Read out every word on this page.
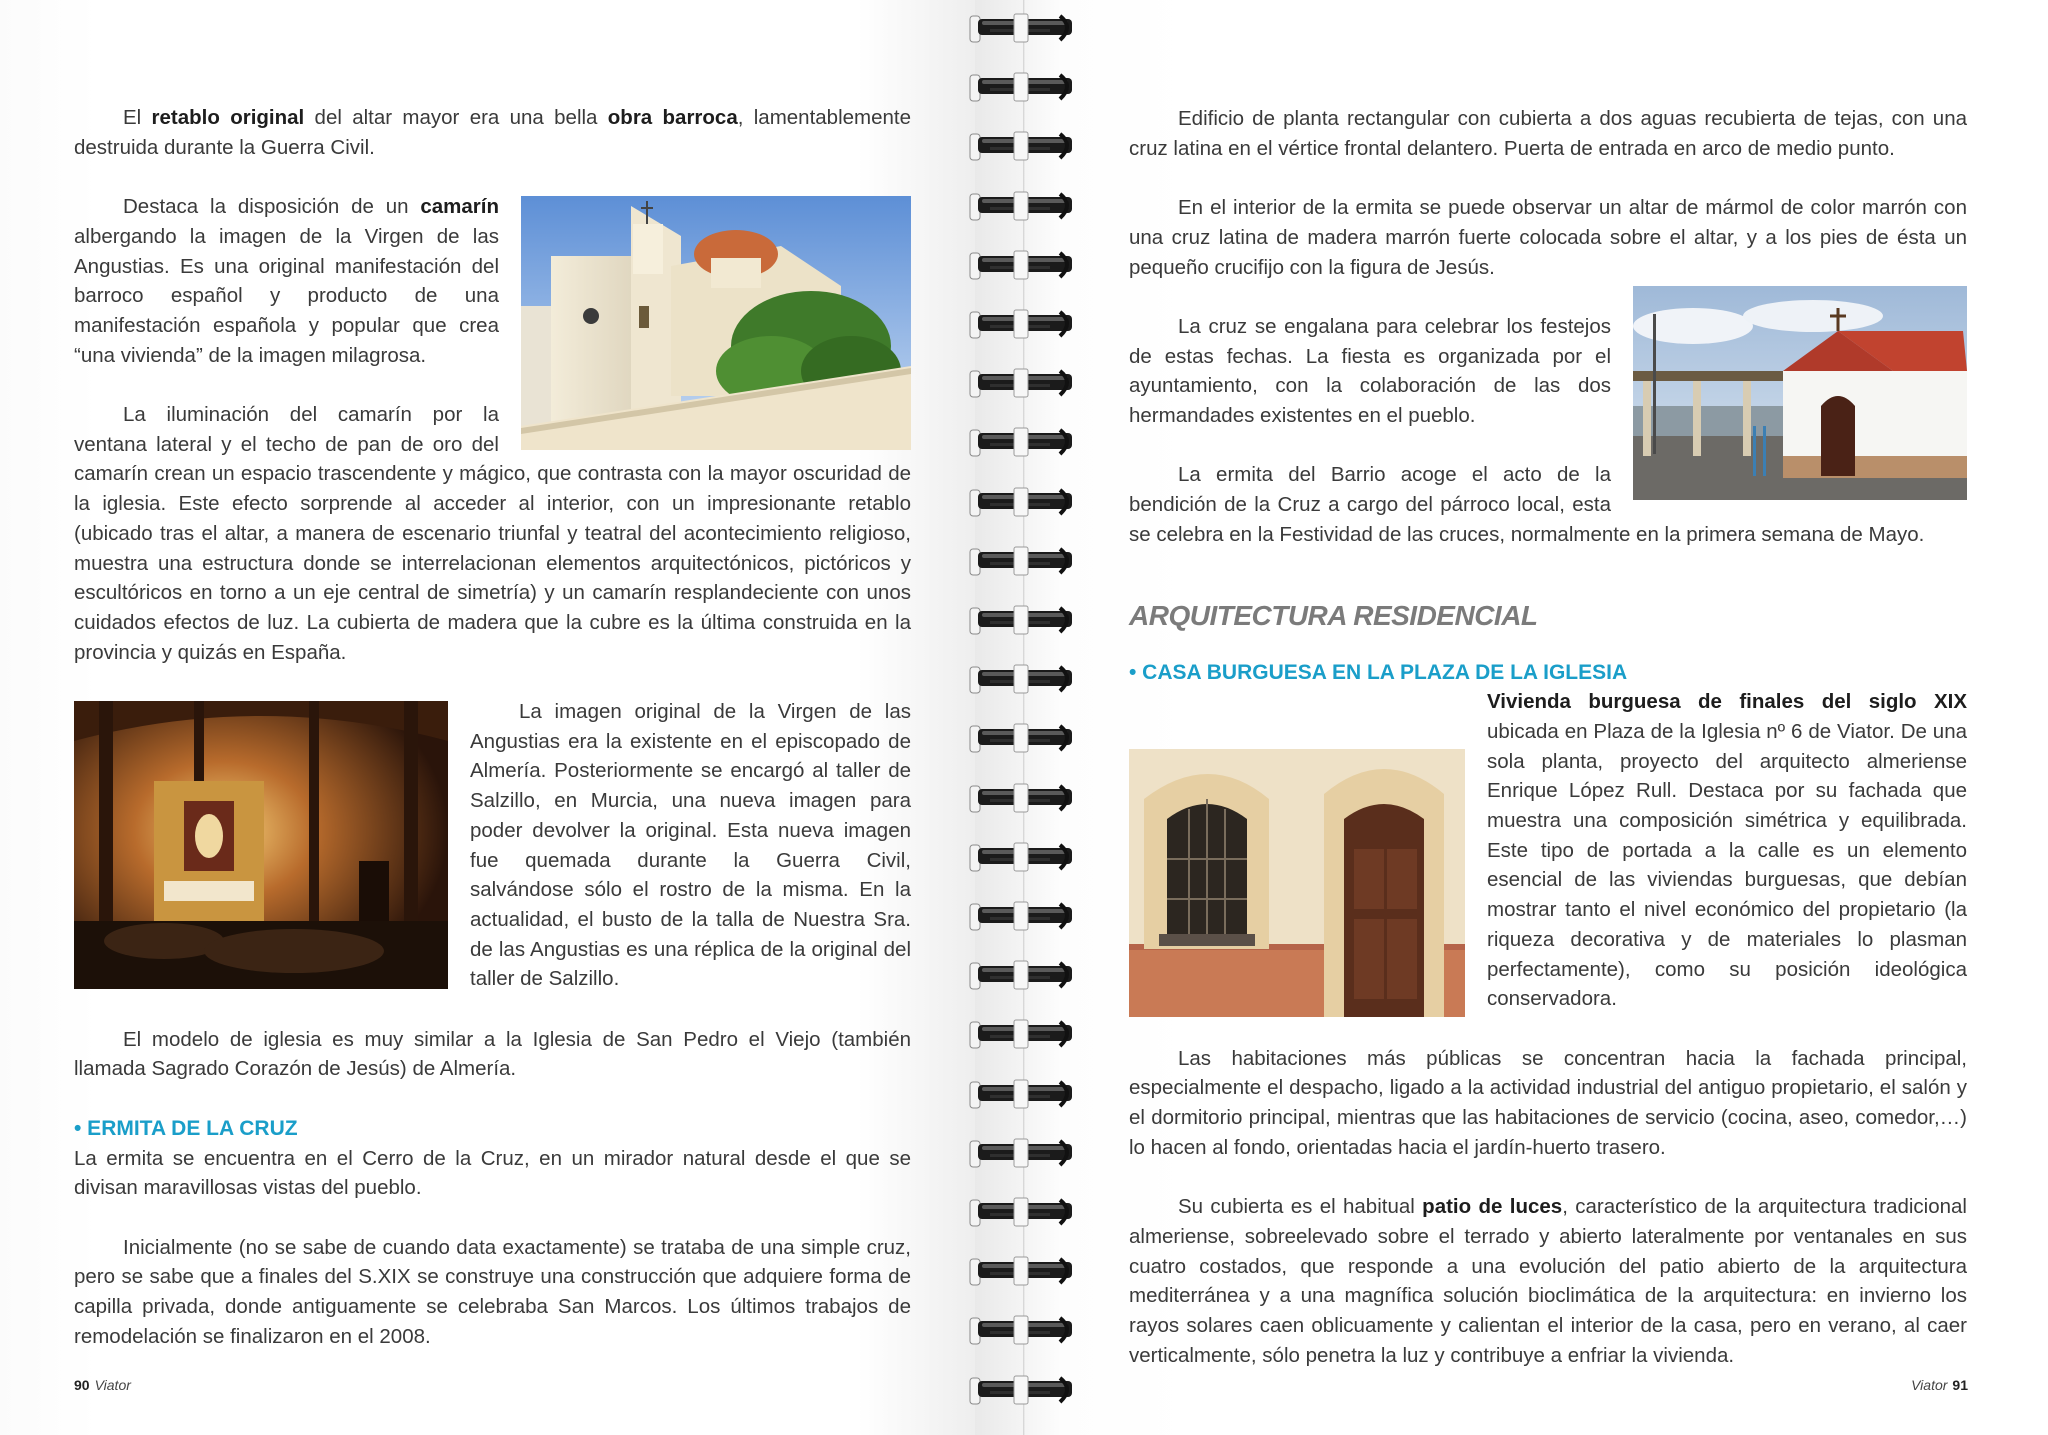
El retablo original del altar mayor era una bella obra barroca, lamentablemente destruida durante la Guerra Civil.

Destaca la disposición de un camarín albergando la imagen de la Virgen de las Angustias. Es una original manifestación del barroco español y producto de una manifestación española y popular que crea “una vivienda” de la imagen milagrosa.

La iluminación del camarín por la ventana lateral y el techo de pan de oro del camarín crean un espacio trascendente y mágico, que contrasta con la mayor oscuridad de la iglesia. Este efecto sorprende al acceder al interior, con un impresionante retablo (ubicado tras el altar, a manera de escenario triunfal y teatral del acontecimiento religioso, muestra una estructura donde se interrelacionan elementos arquitectónicos, pictóricos y escultóricos en torno a un eje central de simetría) y un camarín resplandeciente con unos cuidados efectos de luz. La cubierta de madera que la cubre es la última construida en la provincia y quizás en España.

La imagen original de la Virgen de las Angustias era la existente en el episcopado de Almería. Posteriormente se encargó al taller de Salzillo, en Murcia, una nueva imagen para poder devolver la original. Esta nueva imagen fue quemada durante la Guerra Civil, salvándose sólo el rostro de la misma. En la actualidad, el busto de la talla de Nuestra Sra. de las Angustias es una réplica de la original del taller de Salzillo.

El modelo de iglesia es muy similar a la Iglesia de San Pedro el Viejo (también llamada Sagrado Corazón de Jesús) de Almería.

• ERMITA DE LA CRUZ

La ermita se encuentra en el Cerro de la Cruz, en un mirador natural desde el que se divisan maravillosas vistas del pueblo.

Inicialmente (no se sabe de cuando data exactamente) se trataba de una simple cruz, pero se sabe que a finales del S.XIX se construye una construcción que adquiere forma de capilla privada, donde antiguamente se celebraba San Marcos. Los últimos trabajos de remodelación se finalizaron en el 2008.

90 Viator

Edificio de planta rectangular con cubierta a dos aguas recubierta de tejas, con una cruz latina en el vértice frontal delantero. Puerta de entrada en arco de medio punto.

En el interior de la ermita se puede observar un altar de mármol de color marrón con una cruz latina de madera marrón fuerte colocada sobre el altar, y a los pies de ésta un pequeño crucifijo con la figura de Jesús.

La cruz se engalana para celebrar los festejos de estas fechas. La fiesta es organizada por el ayuntamiento, con la colaboración de las dos hermandades existentes en el pueblo.

La ermita del Barrio acoge el acto de la bendición de la Cruz a cargo del párroco local, esta se celebra en la Festividad de las cruces, normalmente en la primera semana de Mayo.

ARQUITECTURA RESIDENCIAL

• CASA BURGUESA EN LA PLAZA DE LA IGLESIA

Vivienda burguesa de finales del siglo XIX ubicada en Plaza de la Iglesia nº 6 de Viator. De una sola planta, proyecto del arquitecto almeriense Enrique López Rull. Destaca por su fachada que muestra una composición simétrica y equilibrada. Este tipo de portada a la calle es un elemento esencial de las viviendas burguesas, que debían mostrar tanto el nivel económico del propietario (la riqueza decorativa y de materiales lo plasman perfectamente), como su posición ideológica conservadora.

Las habitaciones más públicas se concentran hacia la fachada principal, especialmente el despacho, ligado a la actividad industrial del antiguo propietario, el salón y el dormitorio principal, mientras que las habitaciones de servicio (cocina, aseo, comedor,…) lo hacen al fondo, orientadas hacia el jardín-huerto trasero.

Su cubierta es el habitual patio de luces, característico de la arquitectura tradicional almeriense, sobreelevado sobre el terrado y abierto lateralmente por ventanales en sus cuatro costados, que responde a una evolución del patio abierto de la arquitectura mediterránea y a una magnífica solución bioclimática de la arquitectura: en invierno los rayos solares caen oblicuamente y calientan el interior de la casa, pero en verano, al caer verticalmente, sólo penetra la luz y contribuye a enfriar la vivienda.

Viator 91
